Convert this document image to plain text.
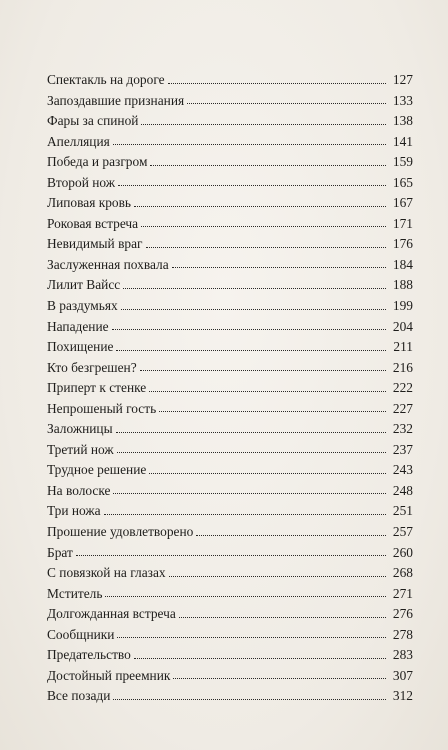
Спектакль на дороге	127
Запоздавшие признания	133
Фары за спиной	138
Апелляция	141
Победа и разгром	159
Второй нож	165
Липовая кровь	167
Роковая встреча	171
Невидимый враг	176
Заслуженная похвала	184
Лилит Вайсс	188
В раздумьях	199
Нападение	204
Похищение	211
Кто безгрешен?	216
Приперт к стенке	222
Непрошеный гость	227
Заложницы	232
Третий нож	237
Трудное решение	243
На волоске	248
Три ножа	251
Прошение удовлетворено	257
Брат	260
С повязкой на глазах	268
Мститель	271
Долгожданная встреча	276
Сообщники	278
Предательство	283
Достойный преемник	307
Все позади	312
